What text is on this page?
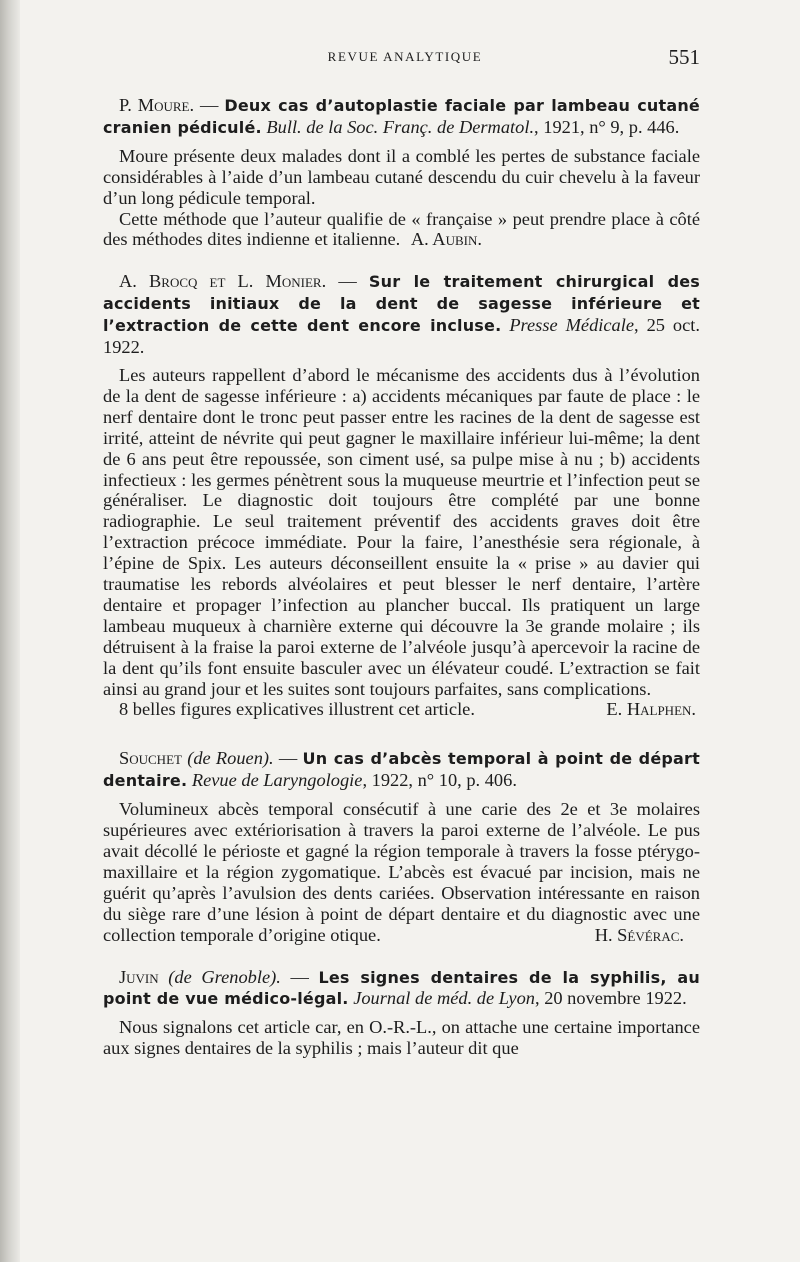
REVUE ANALYTIQUE	551

P. Moure. — Deux cas d’autoplastie faciale par lambeau cutané cranien pédiculé. Bull. de la Soc. Franç. de Dermatol., 1921, n° 9, p. 446.

Moure présente deux malades dont il a comblé les pertes de substance faciale considérables à l’aide d’un lambeau cutané descendu du cuir chevelu à la faveur d’un long pédicule temporal.

Cette méthode que l’auteur qualifie de « française » peut prendre place à côté des méthodes dites indienne et italienne. A. Aubin.

A. Brocq et L. Monier. — Sur le traitement chirurgical des accidents initiaux de la dent de sagesse inférieure et l’extraction de cette dent encore incluse. Presse Médicale, 25 oct. 1922.

Les auteurs rappellent d’abord le mécanisme des accidents dus à l’évolution de la dent de sagesse inférieure : a) accidents mécaniques par faute de place : le nerf dentaire dont le tronc peut passer entre les racines de la dent de sagesse est irrité, atteint de névrite qui peut gagner le maxillaire inférieur lui-même; la dent de 6 ans peut être repoussée, son ciment usé, sa pulpe mise à nu ; b) accidents infectieux : les germes pénètrent sous la muqueuse meurtrie et l’infection peut se généraliser. Le diagnostic doit toujours être complété par une bonne radiographie. Le seul traitement préventif des accidents graves doit être l’extraction précoce immédiate. Pour la faire, l’anesthésie sera régionale, à l’épine de Spix. Les auteurs déconseillent ensuite la « prise » au davier qui traumatise les rebords alvéolaires et peut blesser le nerf dentaire, l’artère dentaire et propager l’infection au plancher buccal. Ils pratiquent un large lambeau muqueux à charnière externe qui découvre la 3e grande molaire ; ils détruisent à la fraise la paroi externe de l’alvéole jusqu’à apercevoir la racine de la dent qu’ils font ensuite basculer avec un élévateur coudé. L’extraction se fait ainsi au grand jour et les suites sont toujours parfaites, sans complications.

8 belles figures explicatives illustrent cet article.	E. Halphen.

Souchet (de Rouen). — Un cas d’abcès temporal à point de départ dentaire. Revue de Laryngologie, 1922, n° 10, p. 406.

Volumineux abcès temporal consécutif à une carie des 2e et 3e molaires supérieures avec extériorisation à travers la paroi externe de l’alvéole. Le pus avait décollé le périoste et gagné la région temporale à travers la fosse ptérygo-maxillaire et la région zygomatique. L’abcès est évacué par incision, mais ne guérit qu’après l’avulsion des dents cariées. Observation intéressante en raison du siège rare d’une lésion à point de départ dentaire et du diagnostic avec une collection temporale d’origine otique.	H. Sévérac.

Juvin (de Grenoble). — Les signes dentaires de la syphilis, au point de vue médico-légal. Journal de méd. de Lyon, 20 novembre 1922.

Nous signalons cet article car, en O.-R.-L., on attache une certaine importance aux signes dentaires de la syphilis ; mais l’auteur dit que
